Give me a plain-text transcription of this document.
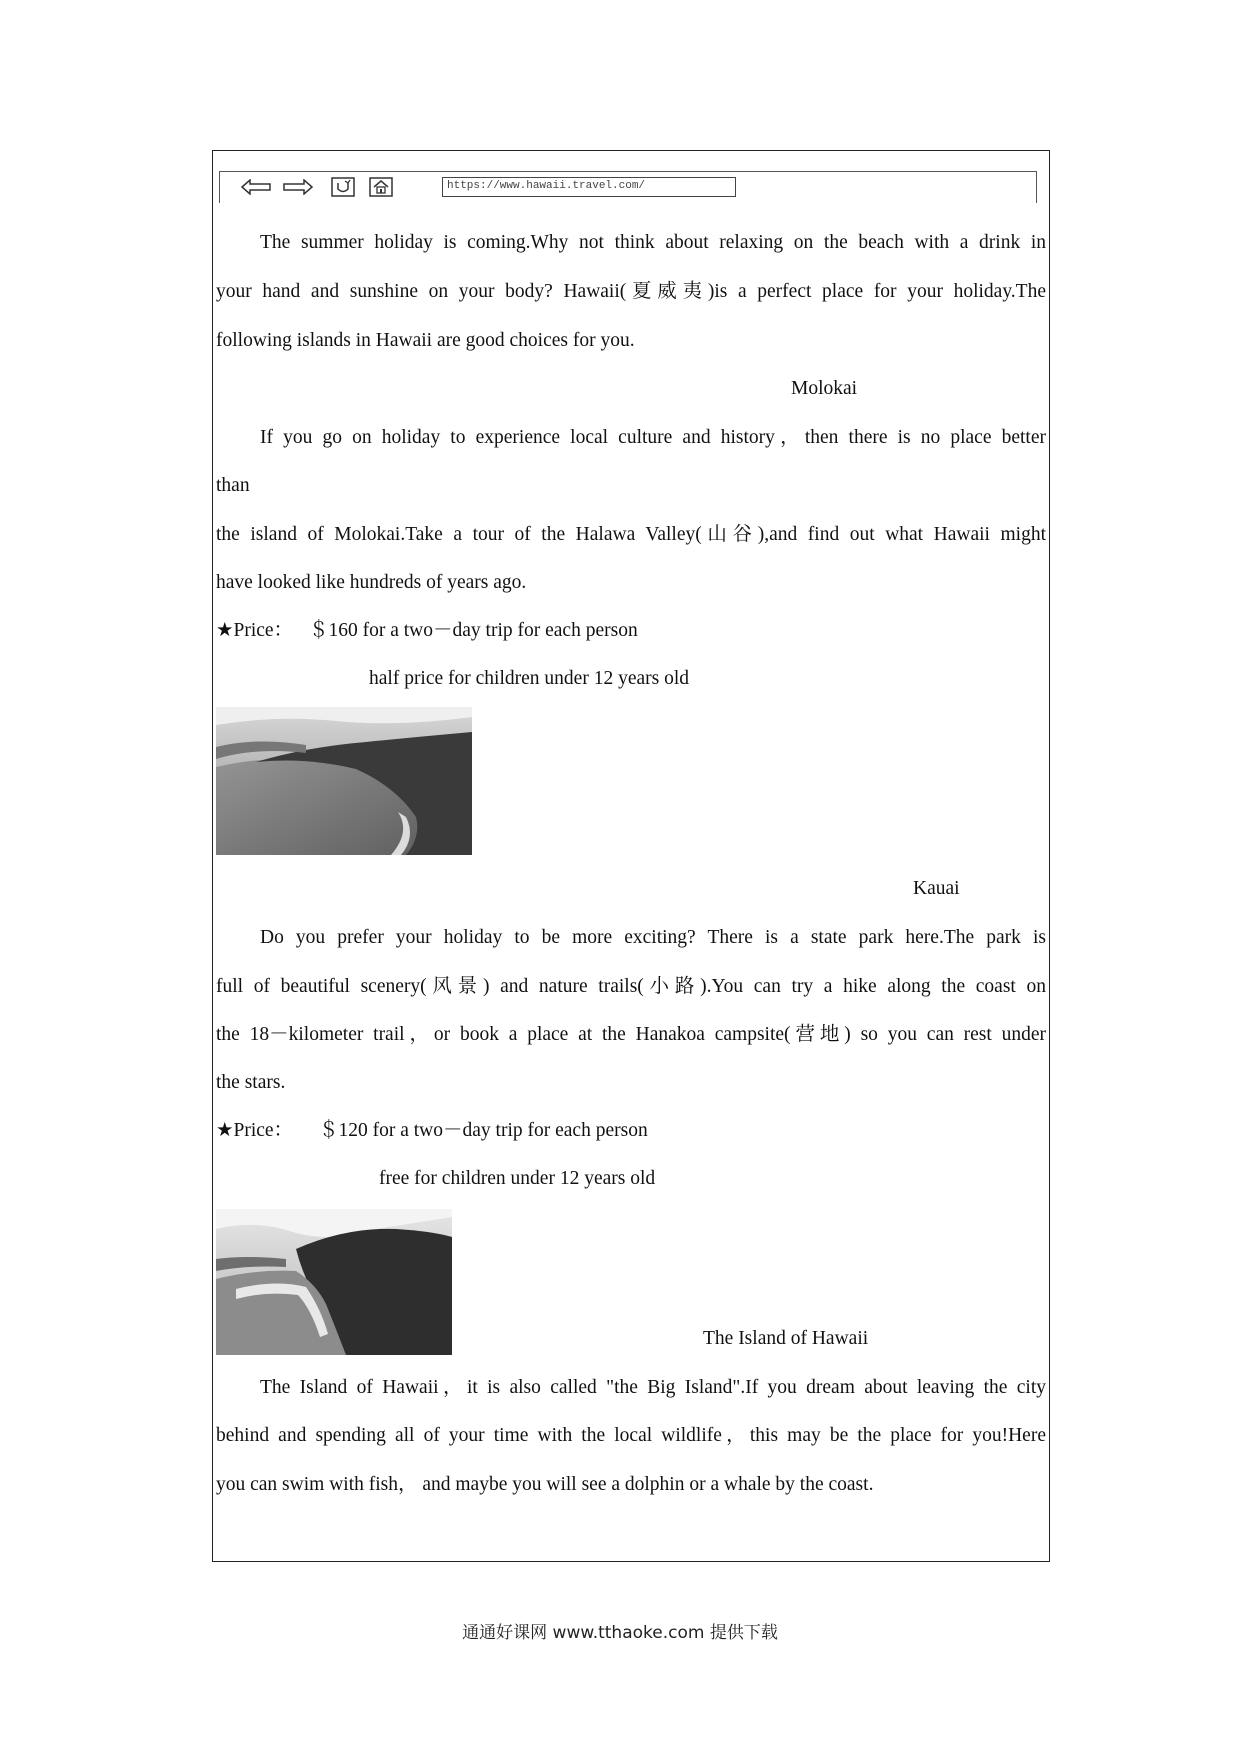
https://www.hawaii.travel.com/
The summer holiday is coming.Why not think about relaxing on the beach with a drink in
your hand and sunshine on your body? Hawaii(夏威夷)is a perfect place for your holiday.The
following islands in Hawaii are good choices for you.
Molokai
If you go on holiday to experience local culture and history，then there is no place better
than
the island of Molokai.Take a tour of the Halawa Valley(山谷),and find out what Hawaii might
have looked like hundreds of years ago.
★Price： ＄160 for a two－day trip for each person
half price for children under 12 years old
Kauai
Do you prefer your holiday to be more exciting? There is a state park here.The park is
full of beautiful scenery(风景) and nature trails(小路).You can try a hike along the coast on
the 18－kilometer trail，or book a place at the Hanakoa campsite(营地) so you can rest under
the stars.
★Price： ＄120 for a two－day trip for each person
free for children under 12 years old
The Island of Hawaii
The Island of Hawaii，it is also called "the Big Island".If you dream about leaving the city
behind and spending all of your time with the local wildlife，this may be the place for you!Here
you can swim with fish， and maybe you will see a dolphin or a whale by the coast.
通通好课网 www.tthaoke.com 提供下载
